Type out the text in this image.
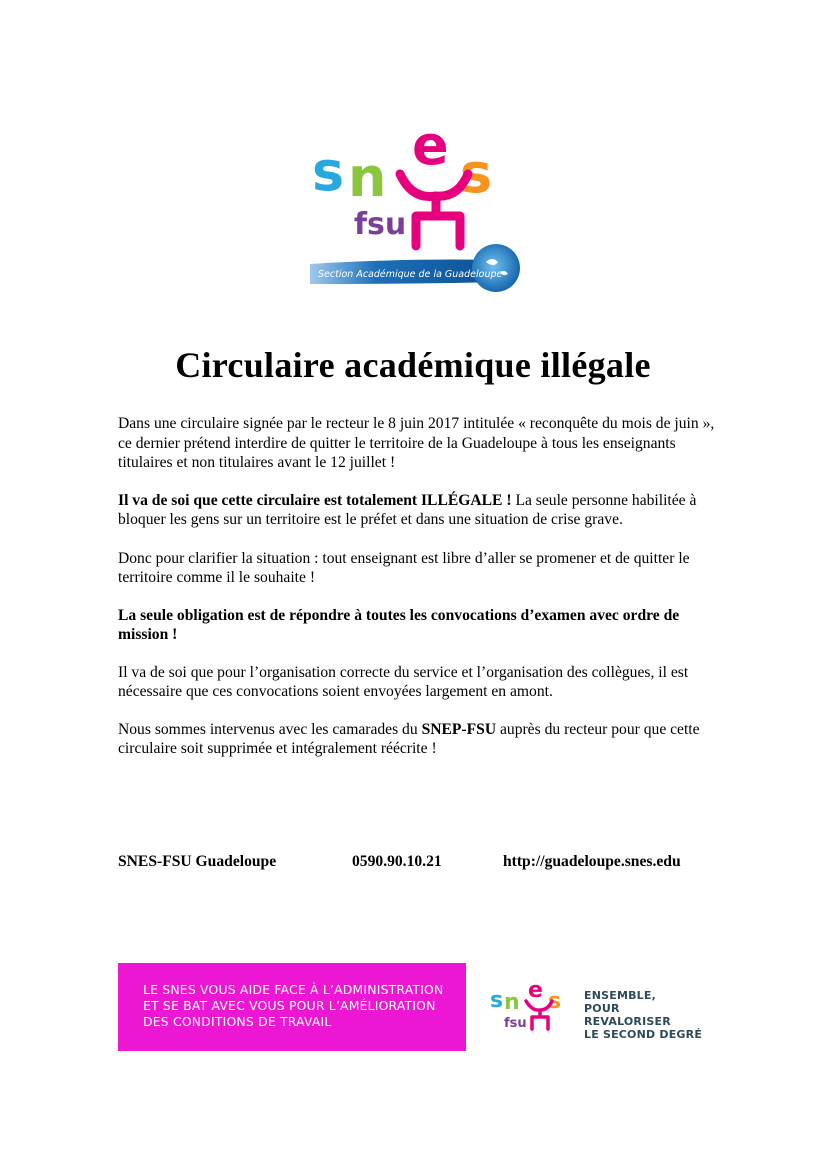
s n
e s
fsu
Section Académique de la Guadeloupe
Circulaire académique illégale

Dans une circulaire signée par le recteur le 8 juin 2017 intitulée « reconquête du mois de juin », ce dernier prétend interdire de quitter le territoire de la Guadeloupe à tous les enseignants titulaires et non titulaires avant le 12 juillet !

Il va de soi que cette circulaire est totalement ILLÉGALE ! La seule personne habilitée à bloquer les gens sur un territoire est le préfet et dans une situation de crise grave.

Donc pour clarifier la situation : tout enseignant est libre d’aller se promener et de quitter le territoire comme il le souhaite !

La seule obligation est de répondre à toutes les convocations d’examen avec ordre de mission !

Il va de soi que pour l’organisation correcte du service et l’organisation des collègues, il est nécessaire que ces convocations soient envoyées largement en amont.

Nous sommes intervenus avec les camarades du SNEP-FSU auprès du recteur pour que cette circulaire soit supprimée et intégralement réécrite !

SNES-FSU Guadeloupe	0590.90.10.21	http://guadeloupe.snes.edu
LE SNES VOUS AIDE FACE À L’ADMINISTRATION
ET SE BAT AVEC VOUS POUR L’AMÉLIORATION
DES CONDITIONS DE TRAVAIL
s n e s
fsu
ENSEMBLE,
POUR REVALORISER
LE SECOND DEGRÉ
